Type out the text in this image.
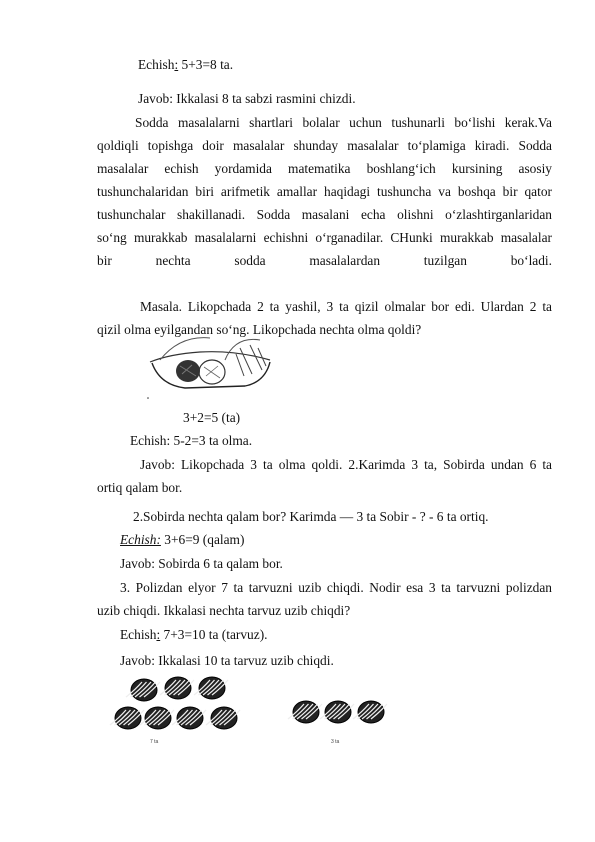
Echish: 5+3=8 ta.
Javob: Ikkalasi 8 ta sabzi rasmini chizdi.
Sodda masalalarni shartlari bolalar uchun tushunarli bo‘lishi kerak.Va
qoldiqli topishga doir masalalar shunday masalalar to‘plamiga kiradi. Sodda
masalalar echish yordamida matematika boshlang‘ich kursining asosiy
tushunchalaridan biri arifmetik amallar haqidagi tushuncha va boshqa bir qator
tushunchalar shakillanadi. Sodda masalani echa olishni o‘zlashtirganlaridan
so‘ng murakkab masalalarni echishni o‘rganadilar. CHunki murakkab masalalar
bir nechta sodda masalalardan tuzilgan bo‘ladi.
Masala. Likopchada 2 ta yashil, 3 ta qizil olmalar bor edi. Ulardan 2 ta
qizil olma eyilgandan so‘ng. Likopchada nechta olma qoldi?
3+2=5 (ta)
Echish: 5-2=3 ta olma.
Javob: Likopchada 3 ta olma qoldi. 2.Karimda 3 ta, Sobirda undan 6 ta
ortiq qalam bor.
2.Sobirda nechta qalam bor? Karimda — 3 ta Sobir - ? - 6 ta ortiq.
Echish: 3+6=9 (qalam)
Javob: Sobirda 6 ta qalam bor.
3. Polizdan elyor 7 ta tarvuzni uzib chiqdi. Nodir esa 3 ta tarvuzni polizdan
uzib chiqdi. Ikkalasi nechta tarvuz uzib chiqdi?
Echish: 7+3=10 ta (tarvuz).
Javob: Ikkalasi 10 ta tarvuz uzib chiqdi.
7 ta	3 ta
